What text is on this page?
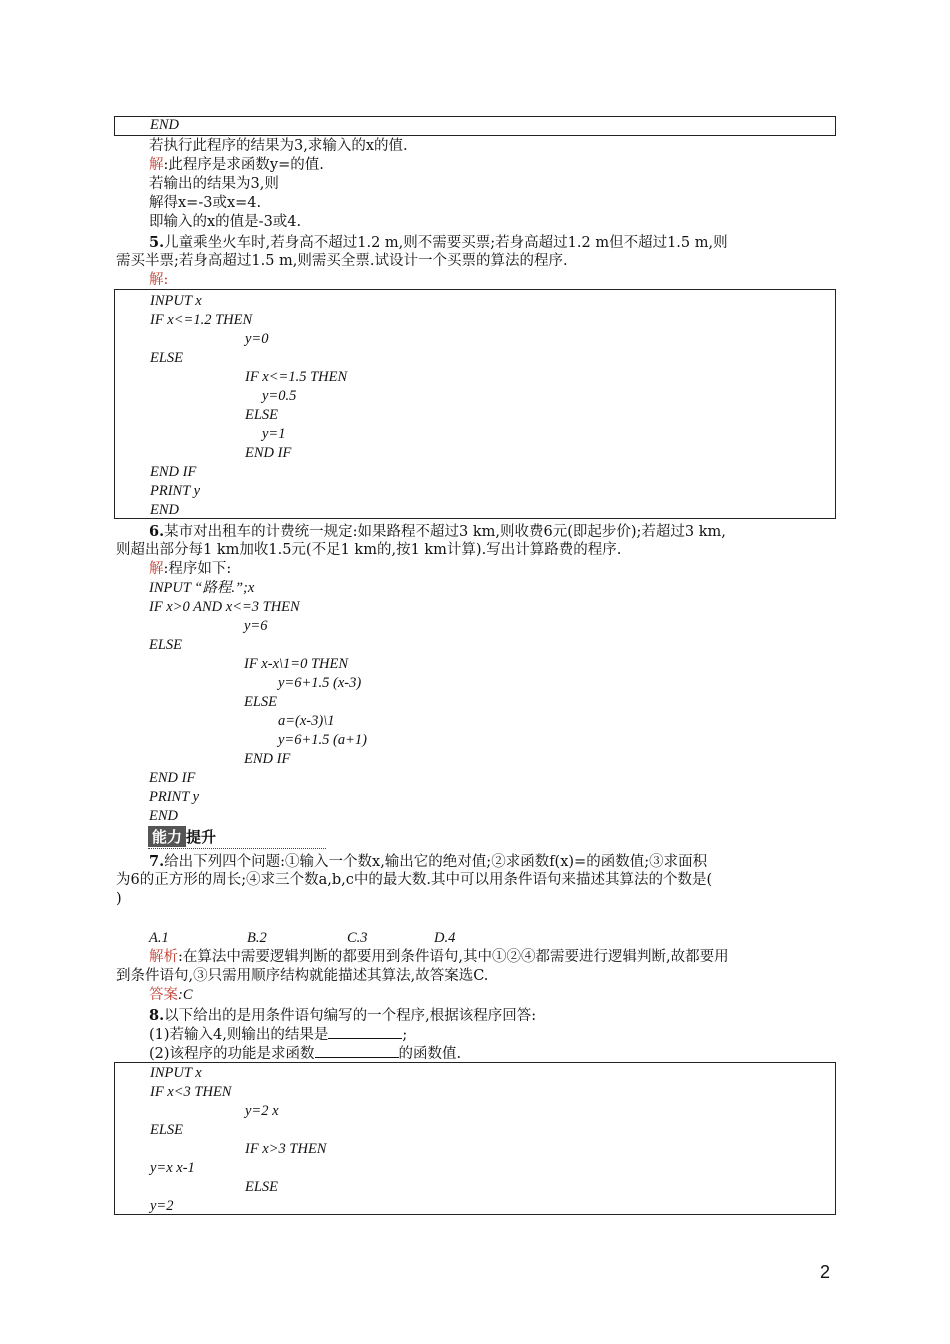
END
若执行此程序的结果为3,求输入的x的值.
解:此程序是求函数y=的值.
若输出的结果为3,则
解得x=-3或x=4.
即输入的x的值是-3或4.
5.儿童乘坐火车时,若身高不超过1.2 m,则不需要买票;若身高超过1.2 m但不超过1.5 m,则
需买半票;若身高超过1.5 m,则需买全票.试设计一个买票的算法的程序.
解:
INPUT x
IF x<=1.2 THEN
y=0
ELSE
IF x<=1.5 THEN
y=0.5
ELSE
y=1
END IF
END IF
PRINT y
END
6.某市对出租车的计费统一规定:如果路程不超过3 km,则收费6元(即起步价);若超过3 km,
则超出部分每1 km加收1.5元(不足1 km的,按1 km计算).写出计算路费的程序.
解:程序如下:
INPUT “路程.”;x
IF x>0 AND x<=3 THEN
y=6
ELSE
IF x-x\1=0 THEN
y=6+1.5 (x-3)
ELSE
a=(x-3)\1
y=6+1.5 (a+1)
END IF
END IF
PRINT y
END
能力 提升
7.给出下列四个问题:①输入一个数x,输出它的绝对值;②求函数f(x)=的函数值;③求面积
为6的正方形的周长;④求三个数a,b,c中的最大数.其中可以用条件语句来描述其算法的个数是(
)
A.1	B.2	C.3	D.4
解析:在算法中需要逻辑判断的都要用到条件语句,其中①②④都需要进行逻辑判断,故都要用
到条件语句,③只需用顺序结构就能描述其算法,故答案选C.
答案:C
8.以下给出的是用条件语句编写的一个程序,根据该程序回答:
(1)若输入4,则输出的结果是	;
(2)该程序的功能是求函数	的函数值.
INPUT x
IF x<3 THEN
y=2 x
ELSE
IF x>3 THEN
y=x x-1
ELSE
y=2
2
